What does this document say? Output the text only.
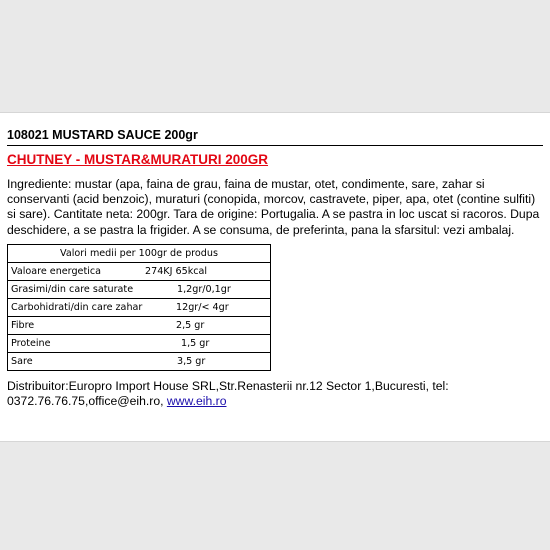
108021 MUSTARD SAUCE 200gr
CHUTNEY - MUSTAR&MURATURI 200GR
Ingrediente: mustar (apa, faina de grau, faina de mustar, otet, condimente, sare, zahar si conservanti (acid benzoic), muraturi (conopida, morcov, castravete, piper, apa, otet (contine sulfiti) si sare). Cantitate neta: 200gr. Tara de origine: Portugalia. A se pastra in loc uscat si racoros. Dupa deschidere, a se pastra la frigider. A se consuma, de preferinta, pana la sfarsitul: vezi ambalaj.
Valori medii per 100gr de produs

Valoare energetica	274KJ 65kcal

Grasimi/din care saturate	1,2gr/0,1gr

Carbohidrati/din care zahar	12gr/< 4gr

Fibre	2,5 gr

Proteine	1,5 gr

Sare	3,5 gr
Distribuitor:Europro Import House SRL,Str.Renasterii nr.12 Sector 1,Bucuresti, tel: 0372.76.76.75,office@eih.ro, www.eih.ro
